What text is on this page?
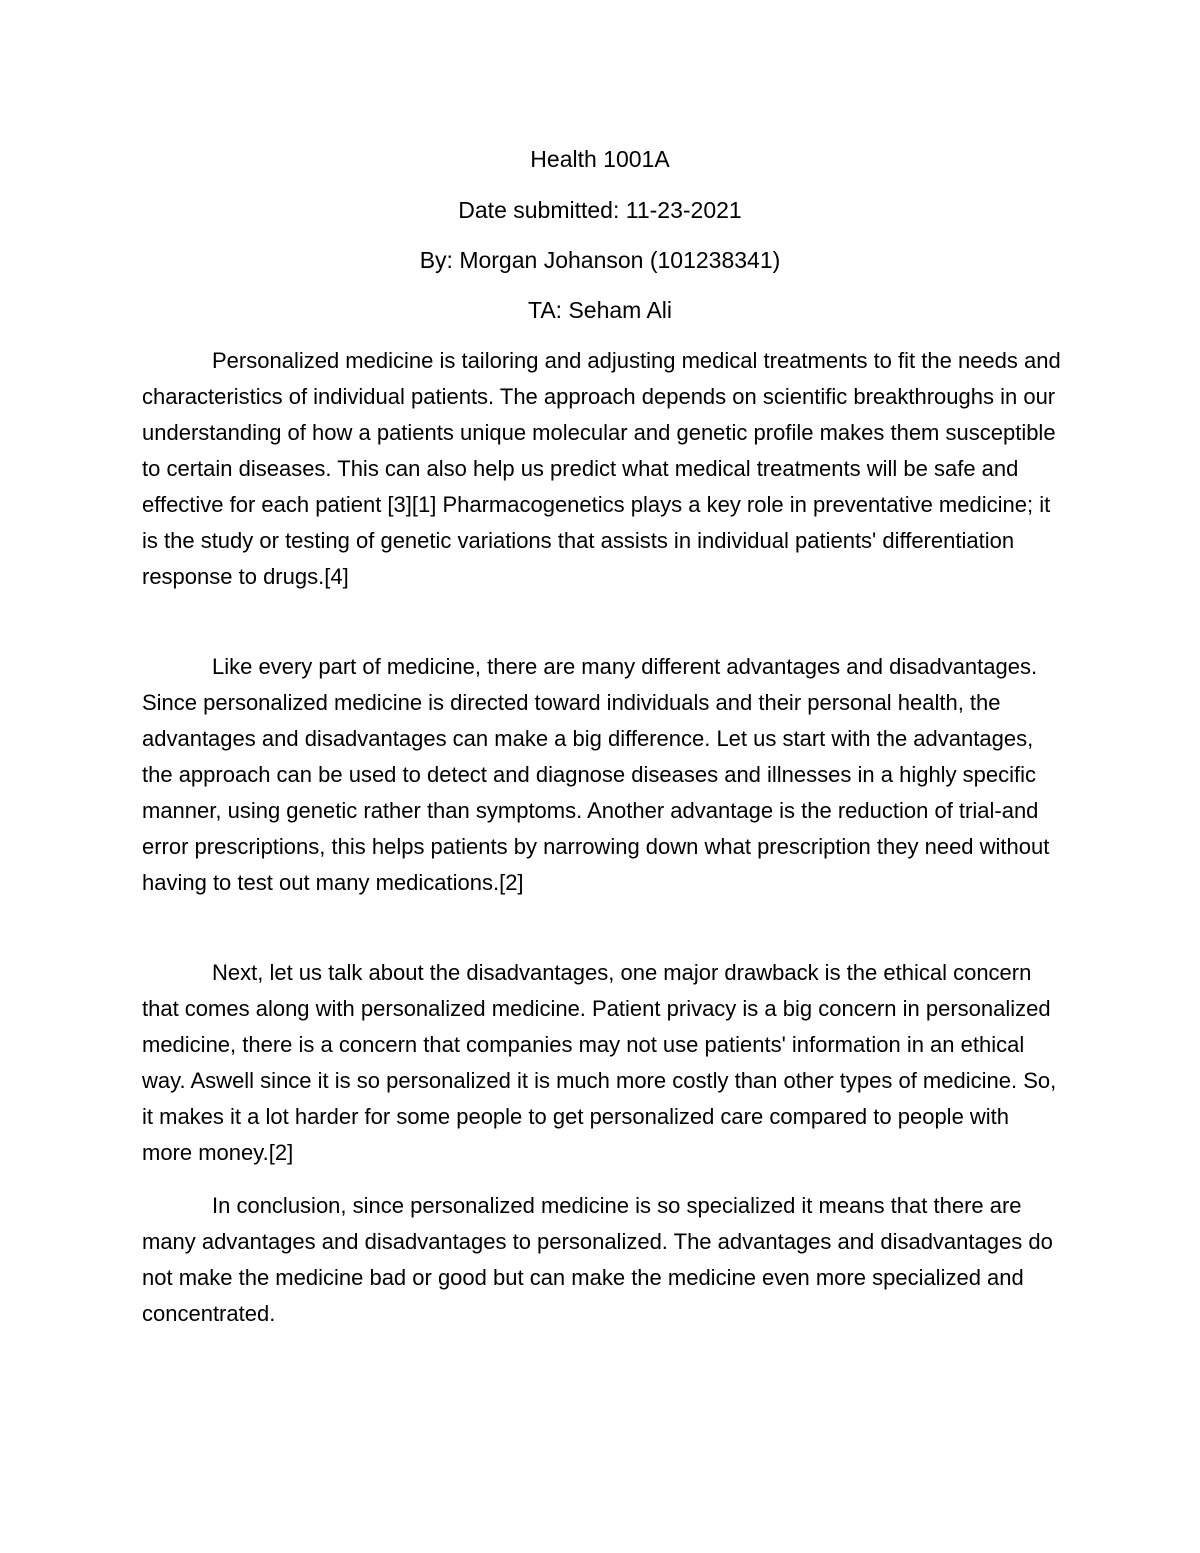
Health 1001A
Date submitted: 11-23-2021
By: Morgan Johanson (101238341)
TA: Seham Ali

Personalized medicine is tailoring and adjusting medical treatments to fit the needs and characteristics of individual patients. The approach depends on scientific breakthroughs in our understanding of how a patients unique molecular and genetic profile makes them susceptible to certain diseases. This can also help us predict what medical treatments will be safe and effective for each patient [3][1] Pharmacogenetics plays a key role in preventative medicine; it is the study or testing of genetic variations that assists in individual patients' differentiation response to drugs.[4]

Like every part of medicine, there are many different advantages and disadvantages. Since personalized medicine is directed toward individuals and their personal health, the advantages and disadvantages can make a big difference. Let us start with the advantages, the approach can be used to detect and diagnose diseases and illnesses in a highly specific manner, using genetic rather than symptoms. Another advantage is the reduction of trial-and error prescriptions, this helps patients by narrowing down what prescription they need without having to test out many medications.[2]

Next, let us talk about the disadvantages, one major drawback is the ethical concern that comes along with personalized medicine. Patient privacy is a big concern in personalized medicine, there is a concern that companies may not use patients' information in an ethical way. Aswell since it is so personalized it is much more costly than other types of medicine. So, it makes it a lot harder for some people to get personalized care compared to people with more money.[2]

In conclusion, since personalized medicine is so specialized it means that there are many advantages and disadvantages to personalized. The advantages and disadvantages do not make the medicine bad or good but can make the medicine even more specialized and concentrated.
